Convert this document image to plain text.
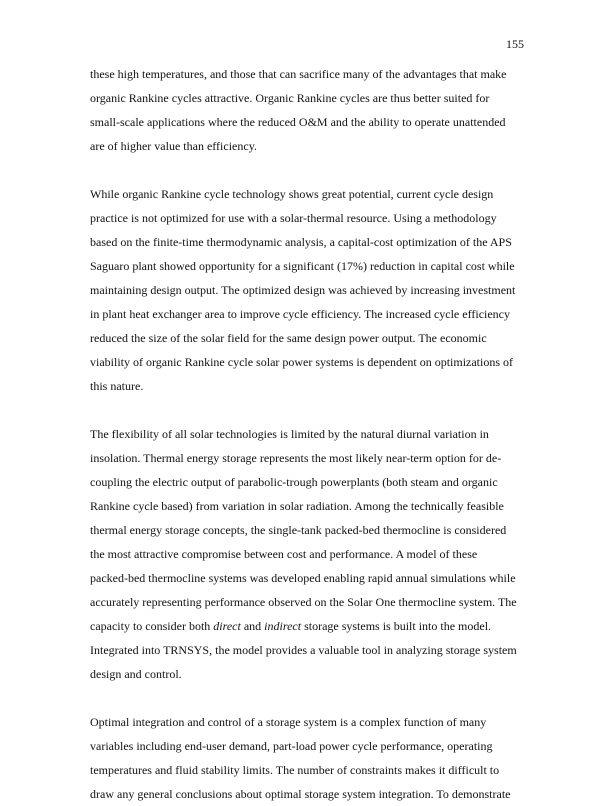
155

these high temperatures, and those that can sacrifice many of the advantages that make
organic Rankine cycles attractive. Organic Rankine cycles are thus better suited for
small-scale applications where the reduced O&M and the ability to operate unattended
are of higher value than efficiency.

While organic Rankine cycle technology shows great potential, current cycle design
practice is not optimized for use with a solar-thermal resource. Using a methodology
based on the finite-time thermodynamic analysis, a capital-cost optimization of the APS
Saguaro plant showed opportunity for a significant (17%) reduction in capital cost while
maintaining design output. The optimized design was achieved by increasing investment
in plant heat exchanger area to improve cycle efficiency. The increased cycle efficiency
reduced the size of the solar field for the same design power output. The economic
viability of organic Rankine cycle solar power systems is dependent on optimizations of
this nature.

The flexibility of all solar technologies is limited by the natural diurnal variation in
insolation. Thermal energy storage represents the most likely near-term option for de-
coupling the electric output of parabolic-trough powerplants (both steam and organic
Rankine cycle based) from variation in solar radiation. Among the technically feasible
thermal energy storage concepts, the single-tank packed-bed thermocline is considered
the most attractive compromise between cost and performance. A model of these
packed-bed thermocline systems was developed enabling rapid annual simulations while
accurately representing performance observed on the Solar One thermocline system. The
capacity to consider both direct and indirect storage systems is built into the model.
Integrated into TRNSYS, the model provides a valuable tool in analyzing storage system
design and control.

Optimal integration and control of a storage system is a complex function of many
variables including end-user demand, part-load power cycle performance, operating
temperatures and fluid stability limits. The number of constraints makes it difficult to
draw any general conclusions about optimal storage system integration. To demonstrate
